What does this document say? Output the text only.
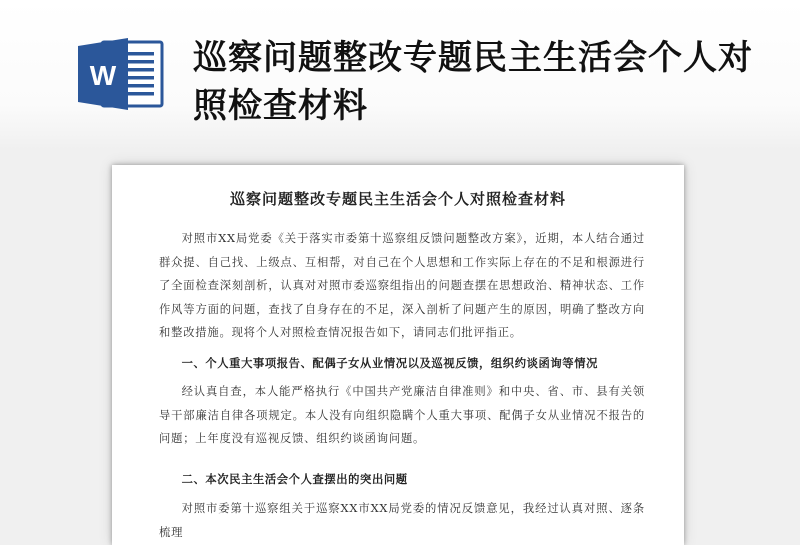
W 巡察问题整改专题民主生活会个人对照检查材料
巡察问题整改专题民主生活会个人对照检查材料

对照市XX局党委《关于落实市委第十巡察组反馈问题整改方案》，近期，本人结合通过群众提、自己找、上级点、互相帮，对自己在个人思想和工作实际上存在的不足和根源进行了全面检查深刻剖析，认真对对照市委巡察组指出的问题查摆在思想政治、精神状态、工作作风等方面的问题，查找了自身存在的不足，深入剖析了问题产生的原因，明确了整改方向和整改措施。现将个人对照检查情况报告如下，请同志们批评指正。

一、个人重大事项报告、配偶子女从业情况以及巡视反馈，组织约谈函询等情况

经认真自查，本人能严格执行《中国共产党廉洁自律准则》和中央、省、市、县有关领导干部廉洁自律各项规定。本人没有向组织隐瞒个人重大事项、配偶子女从业情况不报告的问题；上年度没有巡视反馈、组织约谈函询问题。

二、本次民主生活会个人查摆出的突出问题

对照市委第十巡察组关于巡察XX市XX局党委的情况反馈意见，我经过认真对照、逐条梳理
